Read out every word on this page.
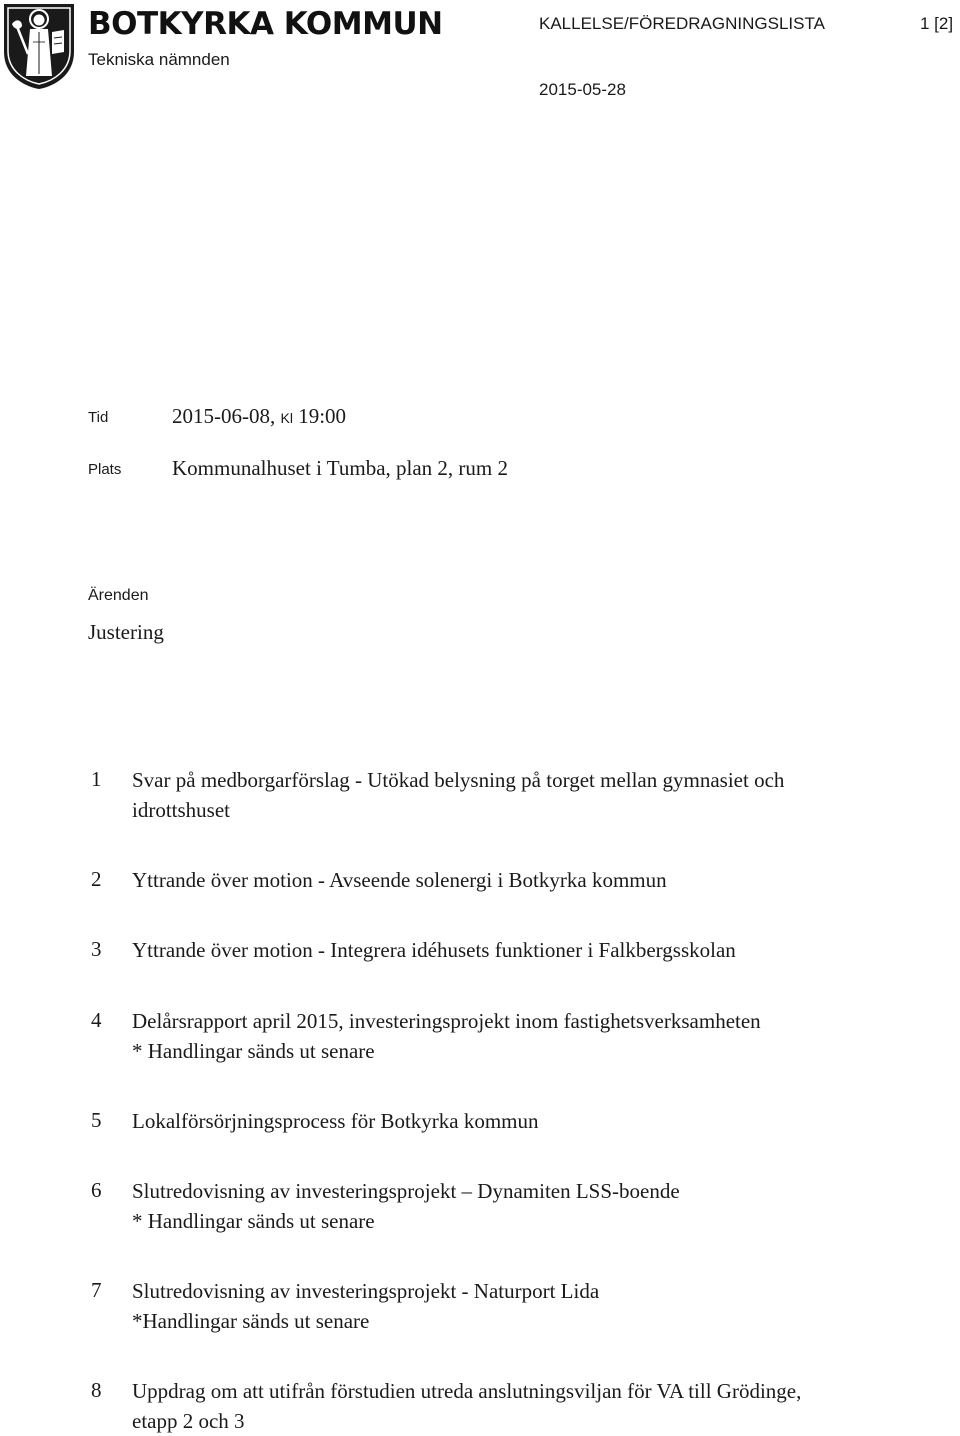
BOTKYRKA KOMMUN
Tekniska nämnden
KALLELSE/FÖREDRAGNINGSLISTA	1 [2]
2015-05-28
Tid	2015-06-08, Kl 19:00
Plats Kommunalhuset i Tumba, plan 2, rum 2
Ärenden
Justering
1 Svar på medborgarförslag - Utökad belysning på torget mellan gymnasiet och
idrottshuset
2 Yttrande över motion - Avseende solenergi i Botkyrka kommun
3 Yttrande över motion - Integrera idéhusets funktioner i Falkbergsskolan
4 Delårsrapport april 2015, investeringsprojekt inom fastighetsverksamheten
* Handlingar sänds ut senare
5 Lokalförsörjningsprocess för Botkyrka kommun
6 Slutredovisning av investeringsprojekt – Dynamiten LSS-boende
* Handlingar sänds ut senare
7 Slutredovisning av investeringsprojekt - Naturport Lida
*Handlingar sänds ut senare
8 Uppdrag om att utifrån förstudien utreda anslutningsviljan för VA till Grödinge,
etapp 2 och 3
